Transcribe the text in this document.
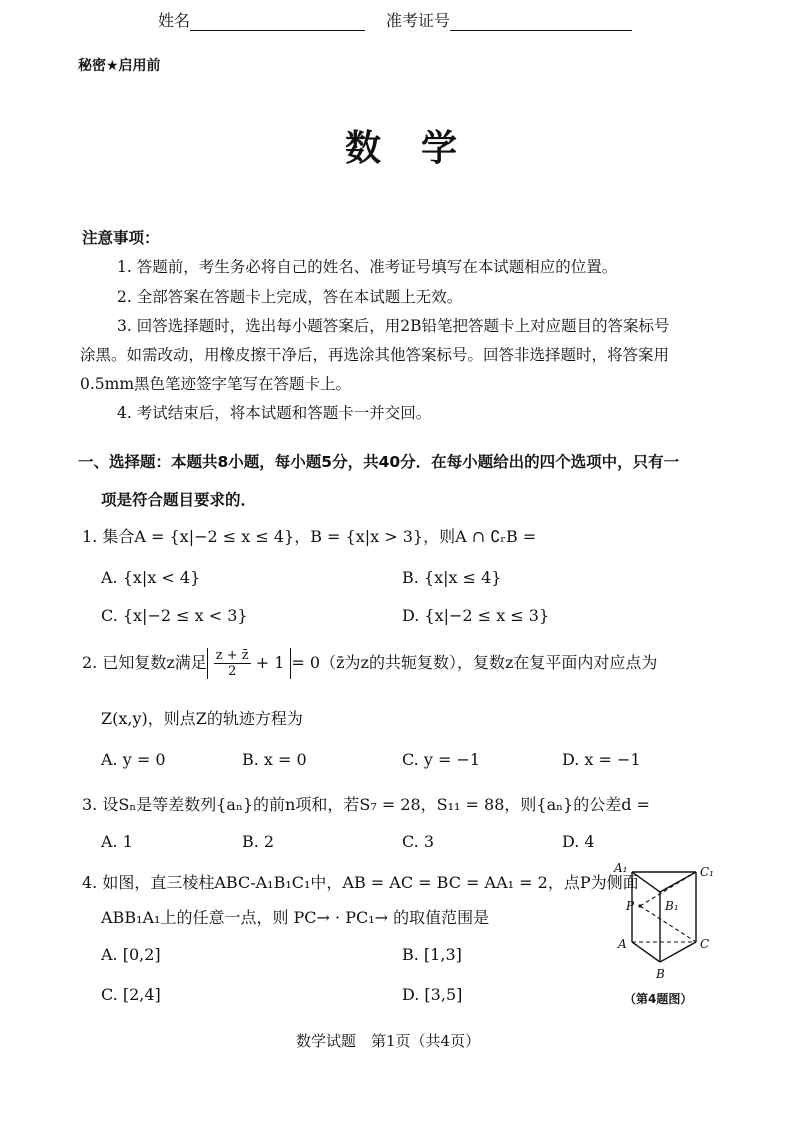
姓名	准考证号
秘密★启用前
数学
注意事项：
1. 答题前，考生务必将自己的姓名、准考证号填写在本试题相应的位置。
2. 全部答案在答题卡上完成，答在本试题上无效。
3. 回答选择题时，选出每小题答案后，用2B铅笔把答题卡上对应题目的答案标号
涂黑。如需改动，用橡皮擦干净后，再选涂其他答案标号。回答非选择题时，将答案用
0.5mm黑色笔迹签字笔写在答题卡上。
4. 考试结束后，将本试题和答题卡一并交回。
一、选择题：本题共8小题，每小题5分，共40分．在每小题给出的四个选项中，只有一
项是符合题目要求的．
1. 集合A = {x|−2 ≤ x ≤ 4}，B = {x|x > 3}，则A ∩ ∁ᵣB =
A. {x|x < 4}	B. {x|x ≤ 4}
C. {x|−2 ≤ x < 3}	D. {x|−2 ≤ x ≤ 3}
2. 已知复数z满足 $\frac{z + z̄}{2} + 1$ = 0（z̄为z的共轭复数），复数z在复平面内对应点为
Z(x,y)，则点Z的轨迹方程为
A. y = 0	B. x = 0	C. y = −1	D. x = −1
3. 设Sₙ是等差数列{aₙ}的前n项和，若S₇ = 28，S₁₁ = 88，则{aₙ}的公差d =
A. 1	B. 2	C. 3	D. 4
4. 如图，直三棱柱ABC-A₁B₁C₁中，AB = AC = BC = AA₁ = 2，点P为侧面
ABB₁A₁上的任意一点，则 PC→ · PC₁→ 的取值范围是
A. [0,2]	B. [1,3]
C. [2,4]	D. [3,5]
A₁	C₁
B₁
P
A	C
B
（第4题图）
数学试题　第1页（共4页）
